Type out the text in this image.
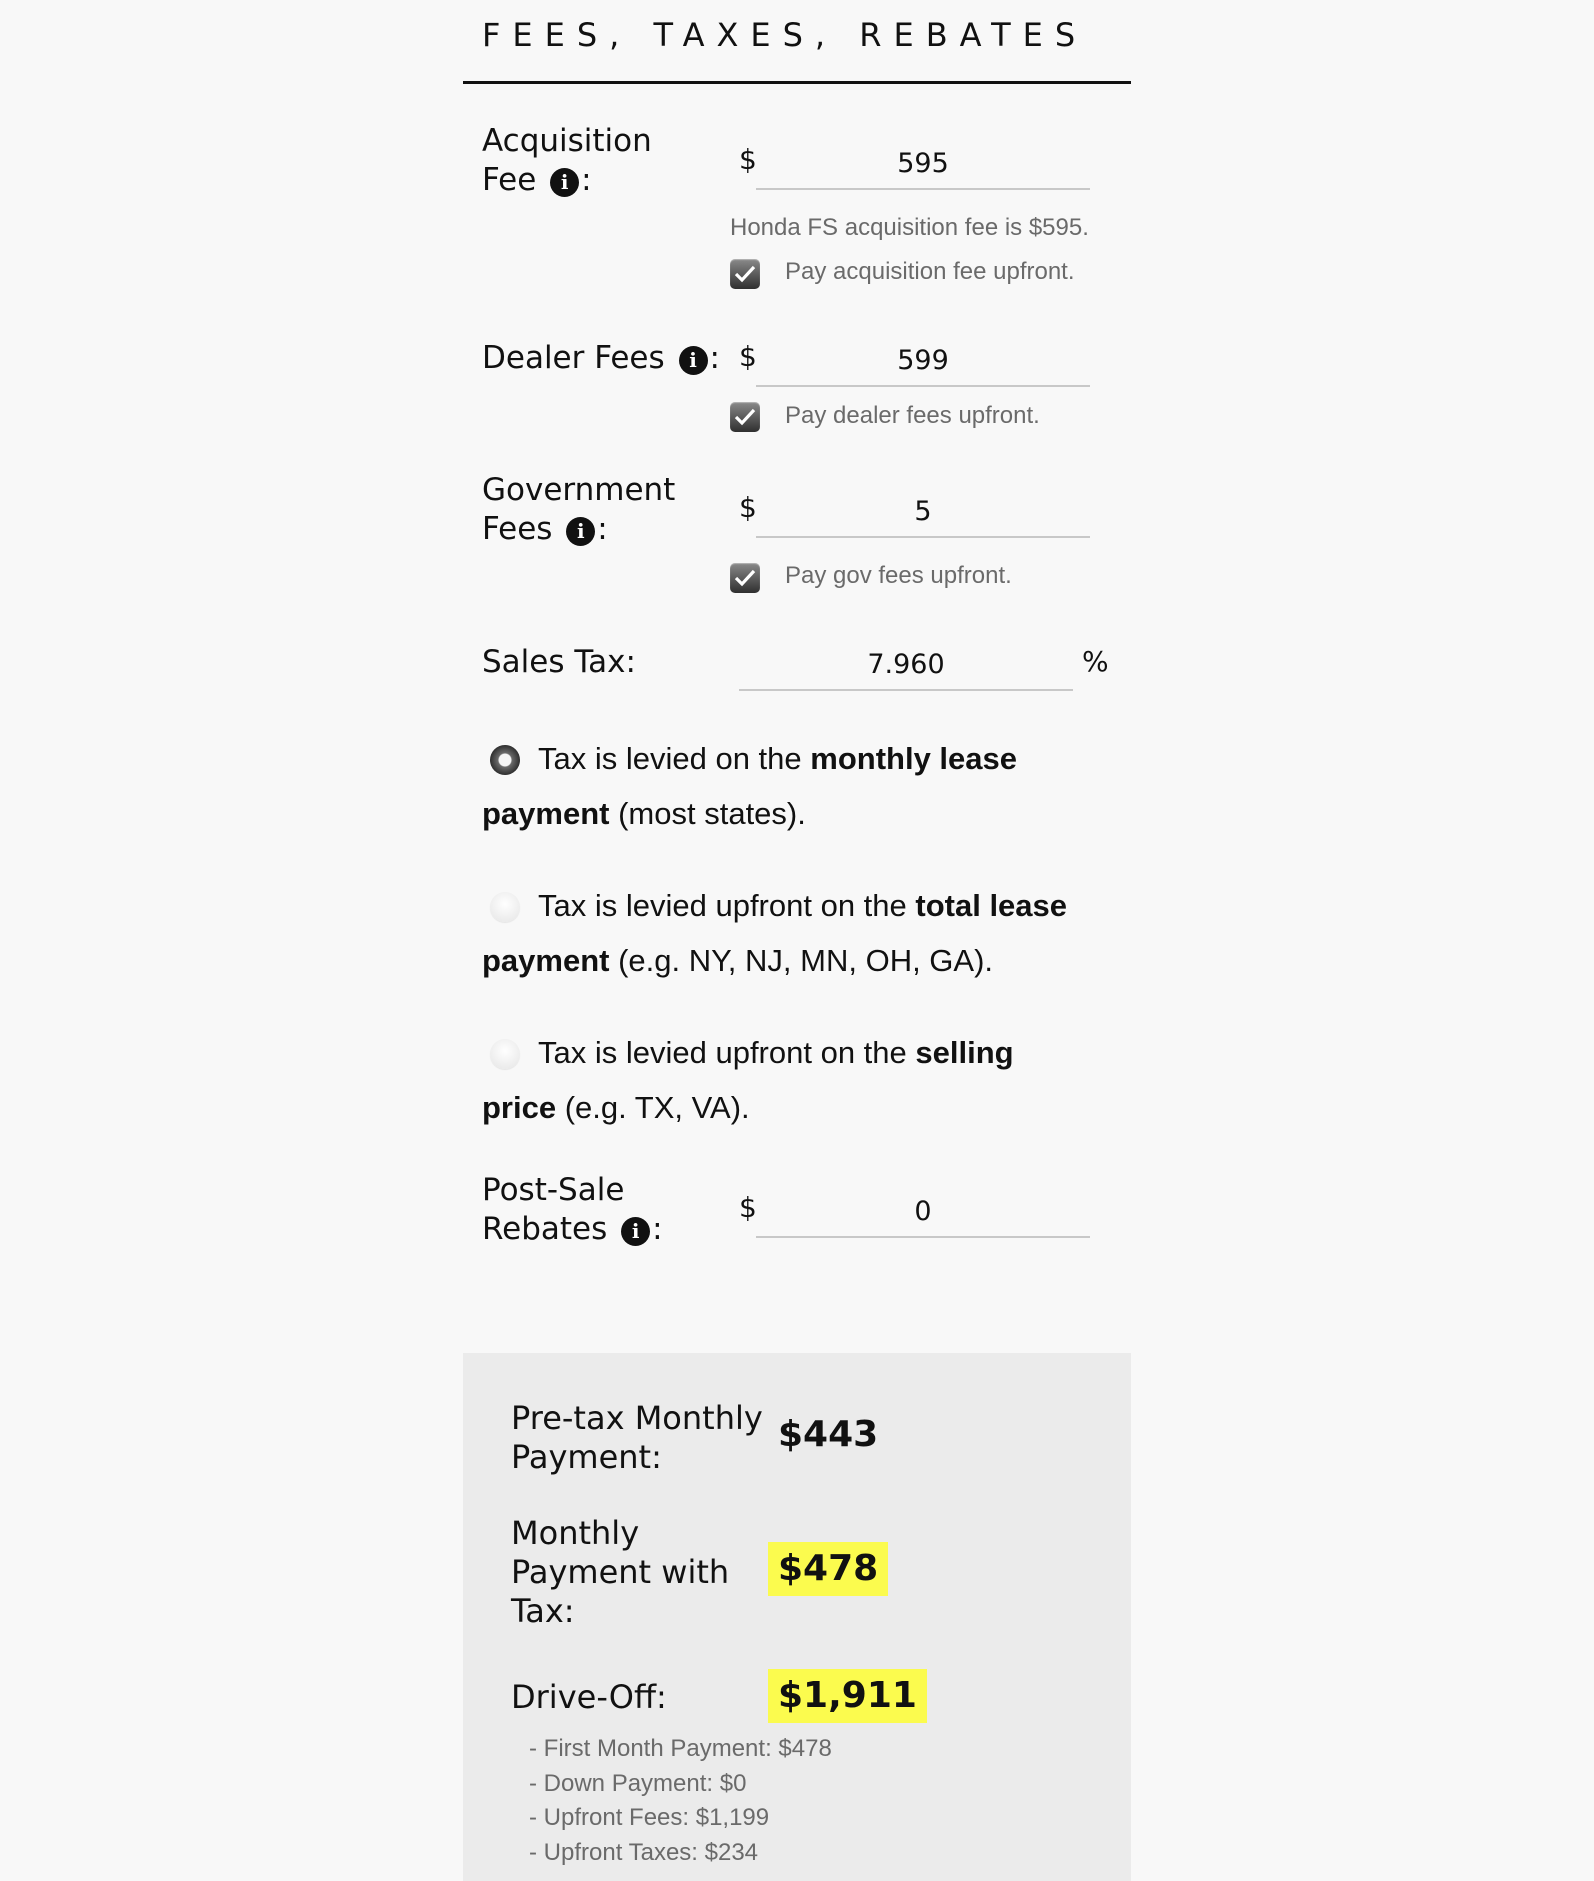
FEES, TAXES, REBATES
Acquisition
Fee i :
$
595
Honda FS acquisition fee is $595.
Pay acquisition fee upfront.
Dealer Fees i : $
599
Pay dealer fees upfront.
Government
Fees i :
$
5
Pay gov fees upfront.
Sales Tax:
7.960	%
Tax is levied on the monthly lease
payment (most states).
Tax is levied upfront on the total lease
payment (e.g. NY, NJ, MN, OH, GA).
Tax is levied upfront on the selling
price (e.g. TX, VA).
Post-Sale
Rebates i :
$
0
Pre-tax Monthly
Payment:
$443
Monthly
Payment with
Tax:
$478
Drive-Off:	$1,911
- First Month Payment: $478
- Down Payment: $0
- Upfront Fees: $1,199
- Upfront Taxes: $234
